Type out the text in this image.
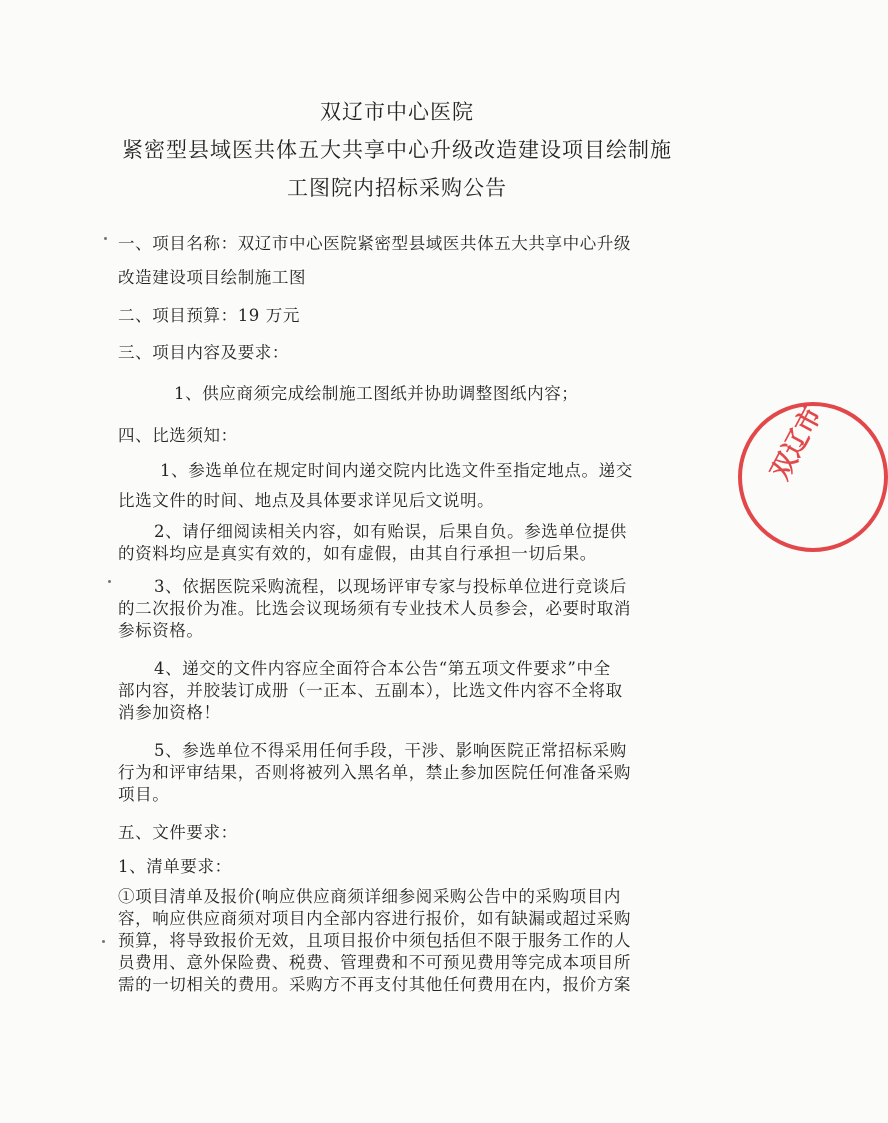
双辽市中心医院
紧密型县域医共体五大共享中心升级改造建设项目绘制施
工图院内招标采购公告
一、项目名称：双辽市中心医院紧密型县域医共体五大共享中心升级
改造建设项目绘制施工图
二、项目预算：19 万元
三、项目内容及要求：
1、供应商须完成绘制施工图纸并协助调整图纸内容；
四、比选须知：
1、参选单位在规定时间内递交院内比选文件至指定地点。递交
比选文件的时间、地点及具体要求详见后文说明。
2、请仔细阅读相关内容，如有贻误，后果自负。参选单位提供
的资料均应是真实有效的，如有虚假，由其自行承担一切后果。
3、依据医院采购流程，以现场评审专家与投标单位进行竞谈后
的二次报价为准。比选会议现场须有专业技术人员参会，必要时取消
参标资格。
4、递交的文件内容应全面符合本公告“第五项文件要求”中全
部内容，并胶装订成册（一正本、五副本），比选文件内容不全将取
消参加资格！
5、参选单位不得采用任何手段，干涉、影响医院正常招标采购
行为和评审结果，否则将被列入黑名单，禁止参加医院任何准备采购
项目。
五、文件要求：
1、清单要求：
①项目清单及报价(响应供应商须详细参阅采购公告中的采购项目内
容，响应供应商须对项目内全部内容进行报价，如有缺漏或超过采购
预算，将导致报价无效，且项目报价中须包括但不限于服务工作的人
员费用、意外保险费、税费、管理费和不可预见费用等完成本项目所
需的一切相关的费用。采购方不再支付其他任何费用在内，报价方案
双辽市
